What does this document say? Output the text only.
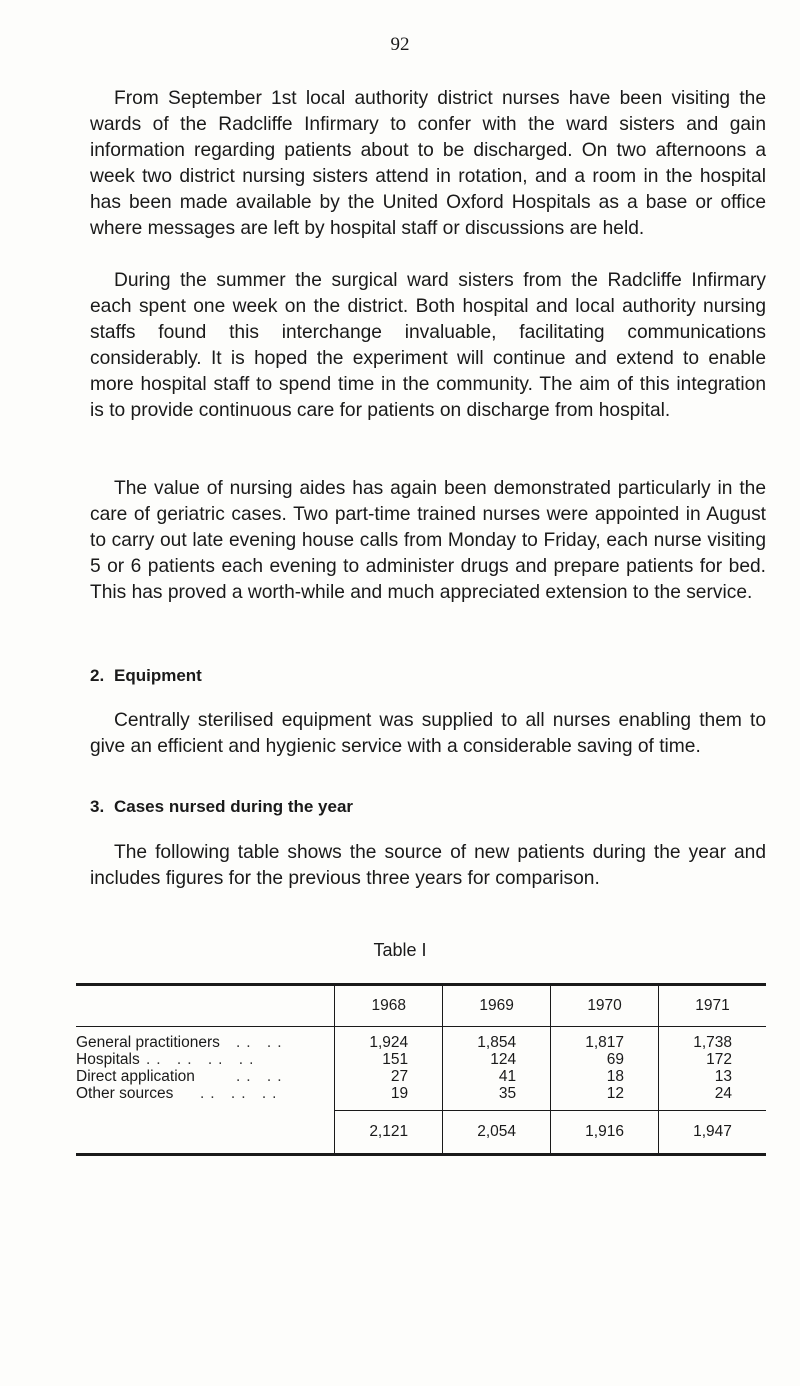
92

From September 1st local authority district nurses have been visiting the wards of the Radcliffe Infirmary to confer with the ward sisters and gain information regarding patients about to be discharged. On two afternoons a week two district nursing sisters attend in rotation, and a room in the hospital has been made available by the United Oxford Hospitals as a base or office where messages are left by hospital staff or discussions are held.

During the summer the surgical ward sisters from the Radcliffe Infirmary each spent one week on the district. Both hospital and local authority nursing staffs found this interchange invaluable, facilitating communications considerably. It is hoped the experiment will continue and extend to enable more hospital staff to spend time in the community. The aim of this integration is to provide continuous care for patients on discharge from hospital.

The value of nursing aides has again been demonstrated particularly in the care of geriatric cases. Two part-time trained nurses were appointed in August to carry out late evening house calls from Monday to Friday, each nurse visiting 5 or 6 patients each evening to administer drugs and prepare patients for bed. This has proved a worth-while and much appreciated extension to the service.

2. Equipment

Centrally sterilised equipment was supplied to all nurses enabling them to give an efficient and hygienic service with a considerable saving of time.

3. Cases nursed during the year

The following table shows the source of new patients during the year and includes figures for the previous three years for comparison.

Table I
	1968	1969	1970	1971
General practitioners .. ..	1,924	1,854	1,817	1,738
Hospitals .. .. .. ..	151	124	69	172
Direct application .. ..	27	41	18	13
Other sources .. .. ..	19	35	12	24
	2,121	2,054	1,916	1,947
